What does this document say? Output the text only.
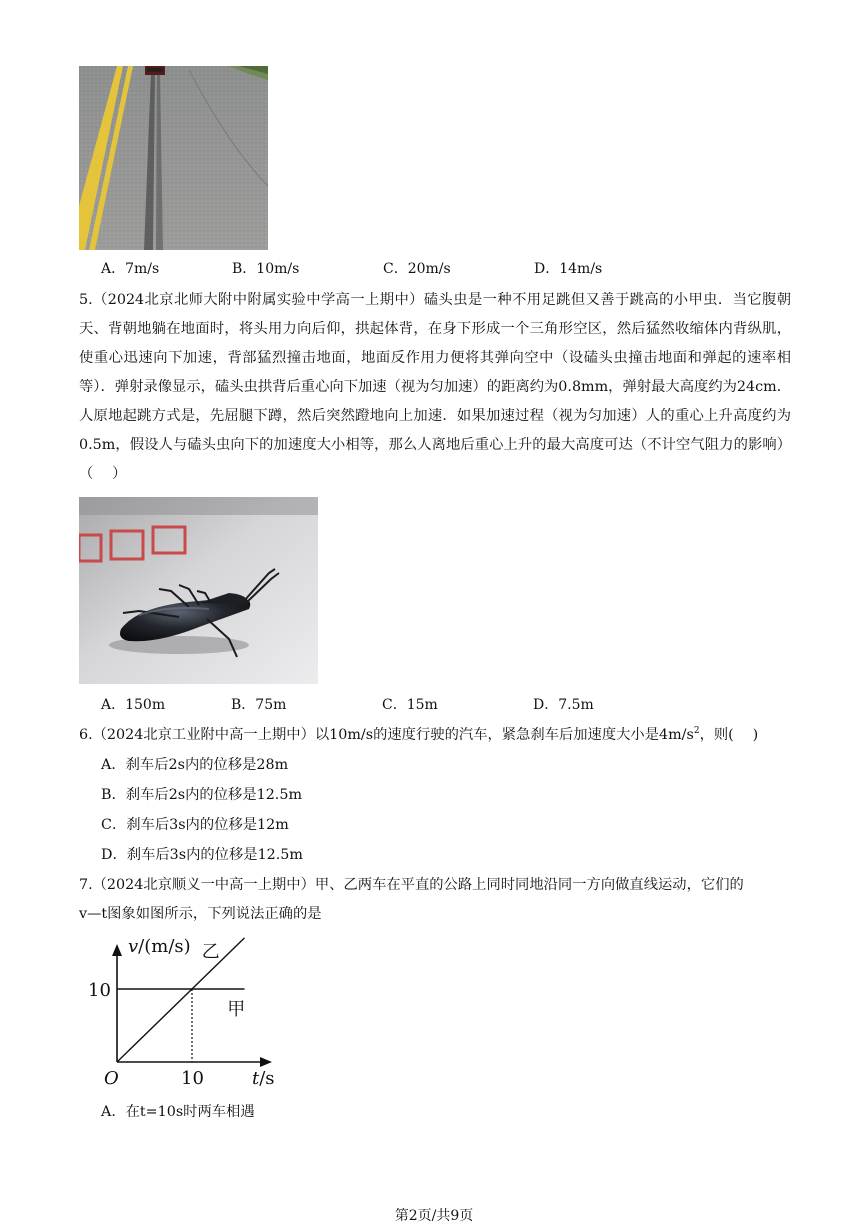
A．7m/s	B．10m/s	C．20m/s	D．14m/s
5.（2024北京北师大附中附属实验中学高一上期中）磕头虫是一种不用足跳但又善于跳高的小甲虫．当它腹朝天、背朝地躺在地面时，将头用力向后仰，拱起体背，在身下形成一个三角形空区，然后猛然收缩体内背纵肌，使重心迅速向下加速，背部猛烈撞击地面，地面反作用力便将其弹向空中（设磕头虫撞击地面和弹起的速率相等）．弹射录像显示，磕头虫拱背后重心向下加速（视为匀加速）的距离约为0.8mm，弹射最大高度约为24cm．人原地起跳方式是，先屈腿下蹲，然后突然蹬地向上加速．如果加速过程（视为匀加速）人的重心上升高度约为0.5m，假设人与磕头虫向下的加速度大小相等，那么人离地后重心上升的最大高度可达（不计空气阻力的影响）（　 ）
A．150m	B．75m	C．15m	D．7.5m
6.（2024北京工业附中高一上期中）以10m/s的速度行驶的汽车，紧急刹车后加速度大小是$4m/s^2$，则(　 )
A．刹车后2s内的位移是28m
B．刹车后2s内的位移是12.5m
C．刹车后3s内的位移是12m
D．刹车后3s内的位移是12.5m
7.（2024北京顺义一中高一上期中）甲、乙两车在平直的公路上同时同地沿同一方向做直线运动，它们的
v—t图象如图所示，下列说法正确的是
甲
乙
v/(m/s)
t/s
O
10
10
A．在t=10s时两车相遇
第2页/共9页
